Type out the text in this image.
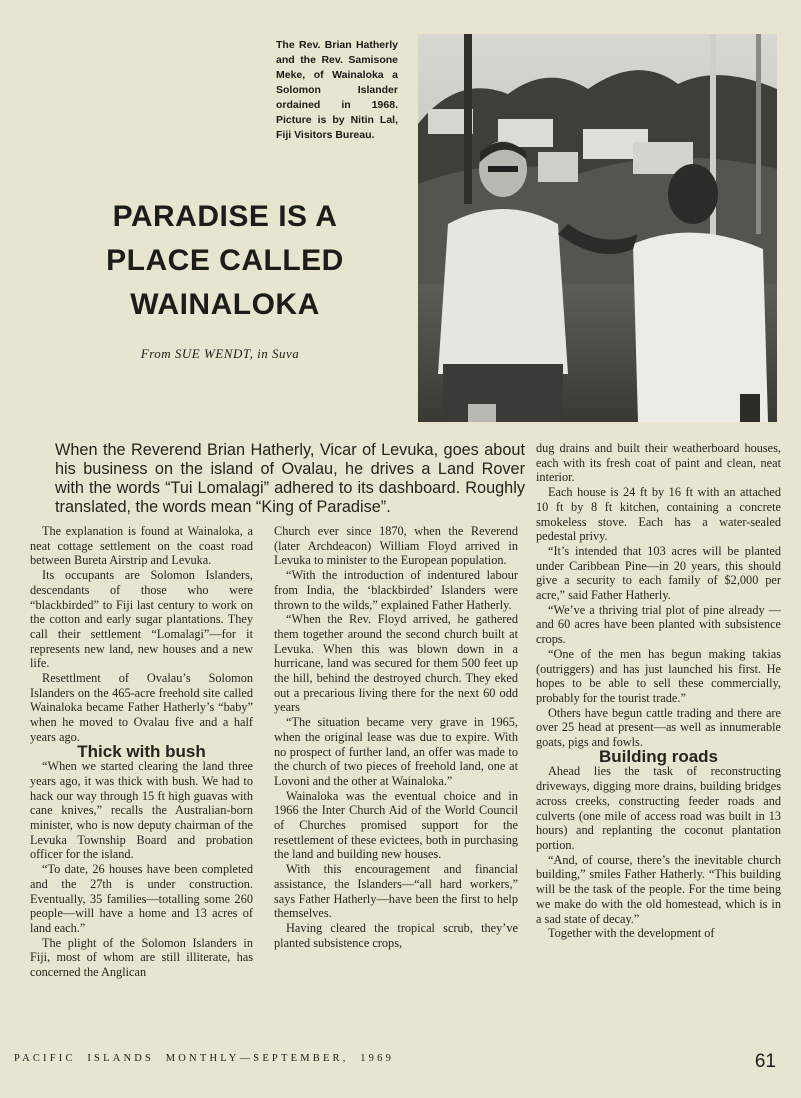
The Rev. Brian Hatherly and the Rev. Samisone Meke, of Wainaloka a Solomon Islander ordained in 1968. Picture is by Nitin Lal, Fiji Visitors Bureau.
PARADISE IS A PLACE CALLED WAINALOKA
From SUE WENDT, in Suva
When the Reverend Brian Hatherly, Vicar of Levuka, goes about his business on the island of Ovalau, he drives a Land Rover with the words “Tui Lomalagi” adhered to its dashboard. Roughly translated, the words mean “King of Paradise”.

The explanation is found at Wainaloka, a neat cottage settlement on the coast road between Bureta Airstrip and Levuka.

Its occupants are Solomon Islanders, descendants of those who were “blackbirded” to Fiji last century to work on the cotton and early sugar plantations. They call their settlement “Lomalagi”—for it represents new land, new houses and a new life.

Resettlment of Ovalau’s Solomon Islanders on the 465-acre freehold site called Wainaloka became Father Hatherly’s “baby” when he moved to Ovalau five and a half years ago.

Thick with bush

“When we started clearing the land three years ago, it was thick with bush. We had to hack our way through 15 ft high guavas with cane knives,” recalls the Australian-born minister, who is now deputy chairman of the Levuka Township Board and probation officer for the island.

“To date, 26 houses have been completed and the 27th is under construction. Eventually, 35 families—totalling some 260 people—will have a home and 13 acres of land each.”

The plight of the Solomon Islanders in Fiji, most of whom are still illiterate, has concerned the Anglican

Church ever since 1870, when the Reverend (later Archdeacon) William Floyd arrived in Levuka to minister to the European population.

“With the introduction of indentured labour from India, the ‘blackbirded’ Islanders were thrown to the wilds,” explained Father Hatherly.

“When the Rev. Floyd arrived, he gathered them together around the second church built at Levuka. When this was blown down in a hurricane, land was secured for them 500 feet up the hill, behind the destroyed church. They eked out a precarious living there for the next 60 odd years

“The situation became very grave in 1965, when the original lease was due to expire. With no prospect of further land, an offer was made to the church of two pieces of freehold land, one at Lovoni and the other at Wainaloka.”

Wainaloka was the eventual choice and in 1966 the Inter Church Aid of the World Council of Churches promised support for the resettlement of these evictees, both in purchasing the land and building new houses.

With this encouragement and financial assistance, the Islanders—“all hard workers,” says Father Hatherly—have been the first to help themselves.

Having cleared the tropical scrub, they’ve planted subsistence crops,

dug drains and built their weatherboard houses, each with its fresh coat of paint and clean, neat interior.

Each house is 24 ft by 16 ft with an attached 10 ft by 8 ft kitchen, containing a concrete smokeless stove. Each has a water-sealed pedestal privy.

“It’s intended that 103 acres will be planted under Caribbean Pine—in 20 years, this should give a security to each family of $2,000 per acre,” said Father Hatherly.

“We’ve a thriving trial plot of pine already — and 60 acres have been planted with subsistence crops.

“One of the men has begun making takias (outriggers) and has just launched his first. He hopes to be able to sell these commercially, probably for the tourist trade.”

Others have begun cattle trading and there are over 25 head at present—as well as innumerable goats, pigs and fowls.

Building roads

Ahead lies the task of reconstructing driveways, digging more drains, building bridges across creeks, constructing feeder roads and culverts (one mile of access road was built in 13 hours) and replanting the coconut plantation portion.

“And, of course, there’s the inevitable church building,” smiles Father Hatherly. “This building will be the task of the people. For the time being we make do with the old homestead, which is in a sad state of decay.”

Together with the development of

PACIFIC  ISLANDS  MONTHLY—SEPTEMBER,  1969	61
